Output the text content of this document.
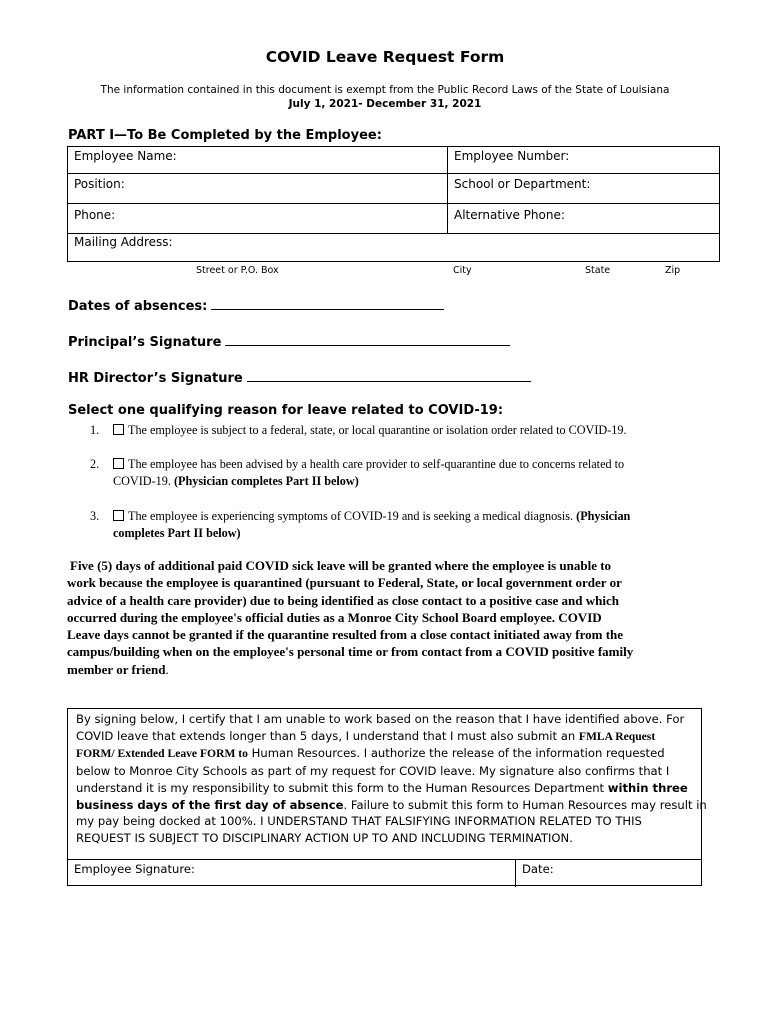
COVID Leave Request Form
The information contained in this document is exempt from the Public Record Laws of the State of Louisiana
July 1, 2021- December 31, 2021
PART I—To Be Completed by the Employee:
Employee Name:	Employee Number:
Position:	School or Department:
Phone:	Alternative Phone:
Mailing Address:
Street or P.O. Box	City	State	Zip
Dates of absences:
Principal’s Signature
HR Director’s Signature
Select one qualifying reason for leave related to COVID-19:
1.	The employee is subject to a federal, state, or local quarantine or isolation order related to COVID-19.
2.	The employee has been advised by a health care provider to self-quarantine due to concerns related to
COVID-19. (Physician completes Part II below)
3.	The employee is experiencing symptoms of COVID-19 and is seeking a medical diagnosis. (Physician
completes Part II below)
Five (5) days of additional paid COVID sick leave will be granted where the employee is unable to
work because the employee is quarantined (pursuant to Federal, State, or local government order or
advice of a health care provider) due to being identified as close contact to a positive case and which
occurred during the employee's official duties as a Monroe City School Board employee. COVID
Leave days cannot be granted if the quarantine resulted from a close contact initiated away from the
campus/building when on the employee's personal time or from contact from a COVID positive family
member or friend.
By signing below, I certify that I am unable to work based on the reason that I have identified above. For
COVID leave that extends longer than 5 days, I understand that I must also submit an FMLA Request
FORM/ Extended Leave FORM to Human Resources. I authorize the release of the information requested
below to Monroe City Schools as part of my request for COVID leave. My signature also confirms that I
understand it is my responsibility to submit this form to the Human Resources Department within three
business days of the first day of absence. Failure to submit this form to Human Resources may result in
my pay being docked at 100%. I UNDERSTAND THAT FALSIFYING INFORMATION RELATED TO THIS
REQUEST IS SUBJECT TO DISCIPLINARY ACTION UP TO AND INCLUDING TERMINATION.
Employee Signature:	Date:
